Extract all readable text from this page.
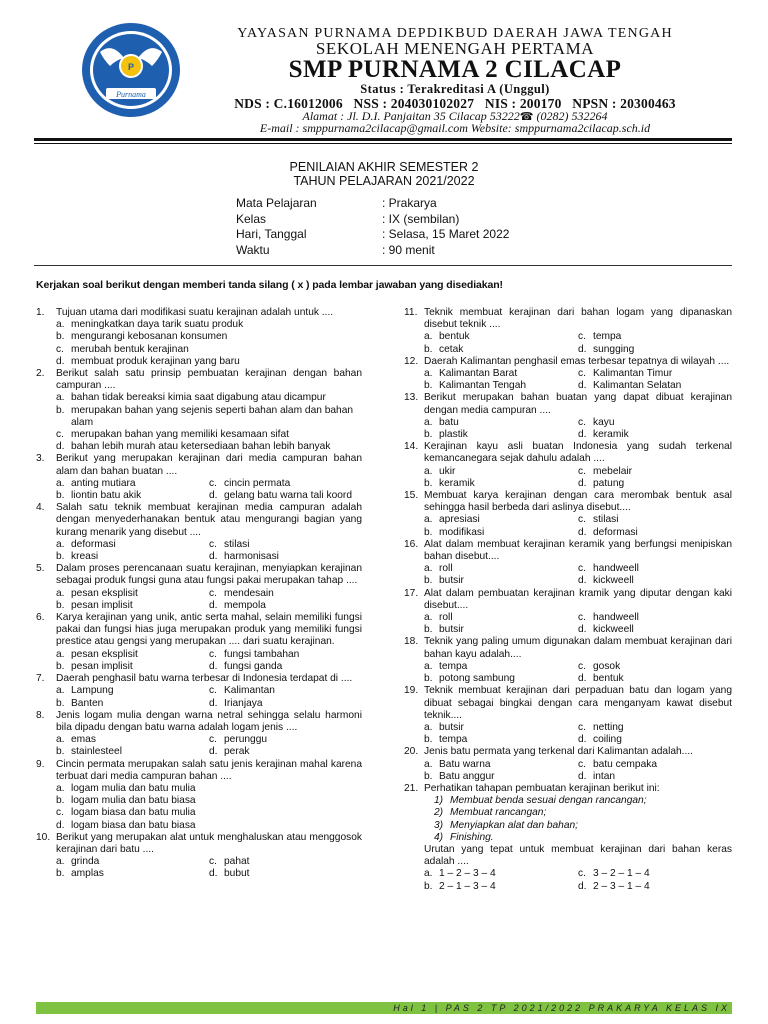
P
Purnama
YAYASAN PURNAMA DEPDIKBUD DAERAH JAWA TENGAH
SEKOLAH MENENGAH PERTAMA
SMP PURNAMA 2 CILACAP
Status : Terakreditasi A (Unggul)
NDS : C.16012006   NSS : 204030102027   NIS : 200170   NPSN : 20300463
Alamat : Jl. D.I. Panjaitan 35 Cilacap 53222☎ (0282) 532264
E-mail : smppurnama2cilacap@gmail.com Website: smppurnama2cilacap.sch.id
PENILAIAN AKHIR SEMESTER 2
TAHUN PELAJARAN 2021/2022
Mata Pelajaran	: Prakarya
Kelas	: IX (sembilan)
Hari, Tanggal	: Selasa, 15 Maret 2022
Waktu	: 90 menit
Kerjakan soal berikut dengan memberi tanda silang ( x ) pada lembar jawaban yang disediakan!
1.	Tujuan utama dari modifikasi suatu kerajinan adalah untuk ....
a. meningkatkan daya tarik suatu produk
b. mengurangi kebosanan konsumen
c. merubah bentuk kerajinan
d. membuat produk kerajinan yang baru
2.	Berikut salah satu prinsip pembuatan kerajinan dengan bahan campuran ....
a. bahan tidak bereaksi kimia saat digabung atau dicampur
b. merupakan bahan yang sejenis seperti bahan alam dan bahan alam
c. merupakan bahan yang memiliki kesamaan sifat
d. bahan lebih murah atau ketersediaan bahan lebih banyak
3.	Berikut yang merupakan kerajinan dari media campuran bahan alam dan bahan buatan ....
a. anting mutiara	c. cincin permata
b. liontin batu akik	d. gelang batu warna tali koord
4.	Salah satu teknik membuat kerajinan media campuran adalah dengan menyederhanakan bentuk atau mengurangi bagian yang kurang menarik yang disebut ....
a. deformasi	c. stilasi
b. kreasi	d. harmonisasi
5.	Dalam proses perencanaan suatu kerajinan, menyiapkan kerajinan sebagai produk fungsi guna atau fungsi pakai merupakan tahap ....
a. pesan eksplisit	c. mendesain
b. pesan implisit	d. mempola
6.	Karya kerajinan yang unik, antic serta mahal, selain memiliki fungsi pakai dan fungsi hias juga merupakan produk yang memiliki fungsi prestice atau gengsi yang merupakan .... dari suatu kerajinan.
a. pesan eksplisit	c. fungsi tambahan
b. pesan implisit	d. fungsi ganda
7.	Daerah penghasil batu warna terbesar di Indonesia terdapat di ....
a. Lampung	c. Kalimantan
b. Banten	d. Irianjaya
8.	Jenis logam mulia dengan warna netral sehingga selalu harmoni bila dipadu dengan batu warna adalah logam jenis ....
a. emas	c. perunggu
b. stainlesteel	d. perak
9.	Cincin permata merupakan salah satu jenis kerajinan mahal karena terbuat dari media campuran bahan ....
a. logam mulia dan batu mulia
b. logam mulia dan batu biasa
c. logam biasa dan batu mulia
d. logam biasa dan batu biasa
10. Berikut yang merupakan alat untuk menghaluskan atau menggosok kerajinan dari batu ....
a. grinda	c. pahat
b. amplas	d. bubut
11. Teknik membuat kerajinan dari bahan logam yang dipanaskan disebut teknik ....
a. bentuk	c. tempa
b. cetak	d. sungging
12. Daerah Kalimantan penghasil emas terbesar tepatnya di wilayah ....
a. Kalimantan Barat	c. Kalimantan Timur
b. Kalimantan Tengah	d. Kalimantan Selatan
13. Berikut merupakan bahan buatan yang dapat dibuat kerajinan dengan media campuran ....
a. batu	c. kayu
b. plastik	d. keramik
14. Kerajinan kayu asli buatan Indonesia yang sudah terkenal kemancanegara sejak dahulu adalah ....
a. ukir	c. mebelair
b. keramik	d. patung
15. Membuat karya kerajinan dengan cara merombak bentuk asal sehingga hasil berbeda dari aslinya disebut....
a. apresiasi	c. stilasi
b. modifikasi	d. deformasi
16. Alat dalam membuat kerajinan keramik yang berfungsi menipiskan bahan disebut....
a. roll	c. handweell
b. butsir	d. kickweell
17. Alat dalam pembuatan kerajinan kramik yang diputar dengan kaki disebut....
a. roll	c. handweell
b. butsir	d. kickweell
18. Teknik yang paling umum digunakan dalam membuat kerajinan dari bahan kayu adalah....
a. tempa	c. gosok
b. potong sambung	d. bentuk
19. Teknik membuat kerajinan dari perpaduan batu dan logam yang dibuat sebagai bingkai dengan cara menganyam kawat disebut teknik....
a. butsir	c. netting
b. tempa	d. coiling
20. Jenis batu permata yang terkenal dari Kalimantan adalah....
a. Batu warna	c. batu cempaka
b. Batu anggur	d. intan
21. Perhatikan tahapan pembuatan kerajinan berikut ini:
1) Membuat benda sesuai dengan rancangan;
2) Membuat rancangan;
3) Menyiapkan alat dan bahan;
4) Finishing.
Urutan yang tepat untuk membuat kerajinan dari bahan keras adalah ....
a. 1 – 2 – 3 – 4	c. 3 – 2 – 1 – 4
b. 2 – 1 – 3 – 4	d. 2 – 3 – 1 – 4
Hal 1 | PAS 2 TP 2021/2022 PRAKARYA KELAS IX
